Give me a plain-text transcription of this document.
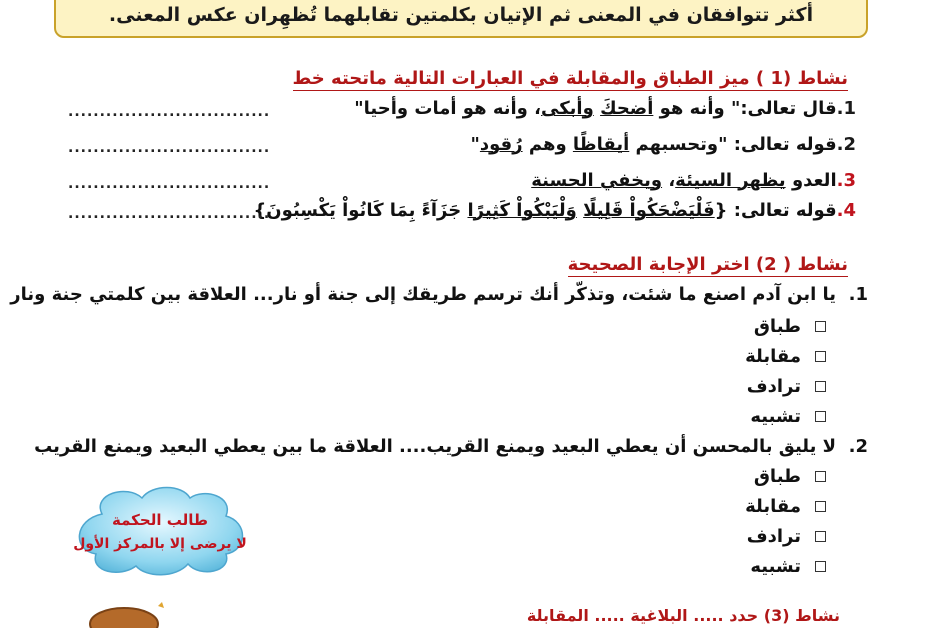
أكثر تتوافقان في المعنى ثم الإتيان بكلمتين تقابلهما تُظهِران عكس المعنى.
نشاط (1 ) ميز الطباق والمقابلة في العبارات التالية ماتحته خط
1.قال تعالى:" وأنه هو أضحكَ وأبكى، وأنه هو أمات وأحيا"
................................
2.قوله تعالى: "وتحسبهم أيقاظًا وهم رُقود"
................................
3.العدو يظهر السيئة، ويخفي الحسنة
................................
4.قوله تعالى: {فَلْيَضْحَكُواْ قَلِيلًا وَلْيَبْكُواْ كَثِيرًا جَزَآءً بِمَا كَانُواْ يَكْسِبُونَ}
................................
نشاط ( 2) اختر الإجابة الصحيحة
1.  يا ابن آدم اصنع ما شئت، وتذكّر أنك ترسم طريقك إلى جنة أو نار... العلاقة بين كلمتي جنة ونار
طباق
مقابلة
ترادف
تشبيه
2.  لا يليق بالمحسن أن يعطي البعيد ويمنع القريب.... العلاقة ما بين يعطي البعيد ويمنع القريب
طباق
مقابلة
ترادف
تشبيه
طالب الحكمة
لا يرضى إلا بالمركز الأول
نشاط (3) حدد ..... البلاغية ..... المقابلة
